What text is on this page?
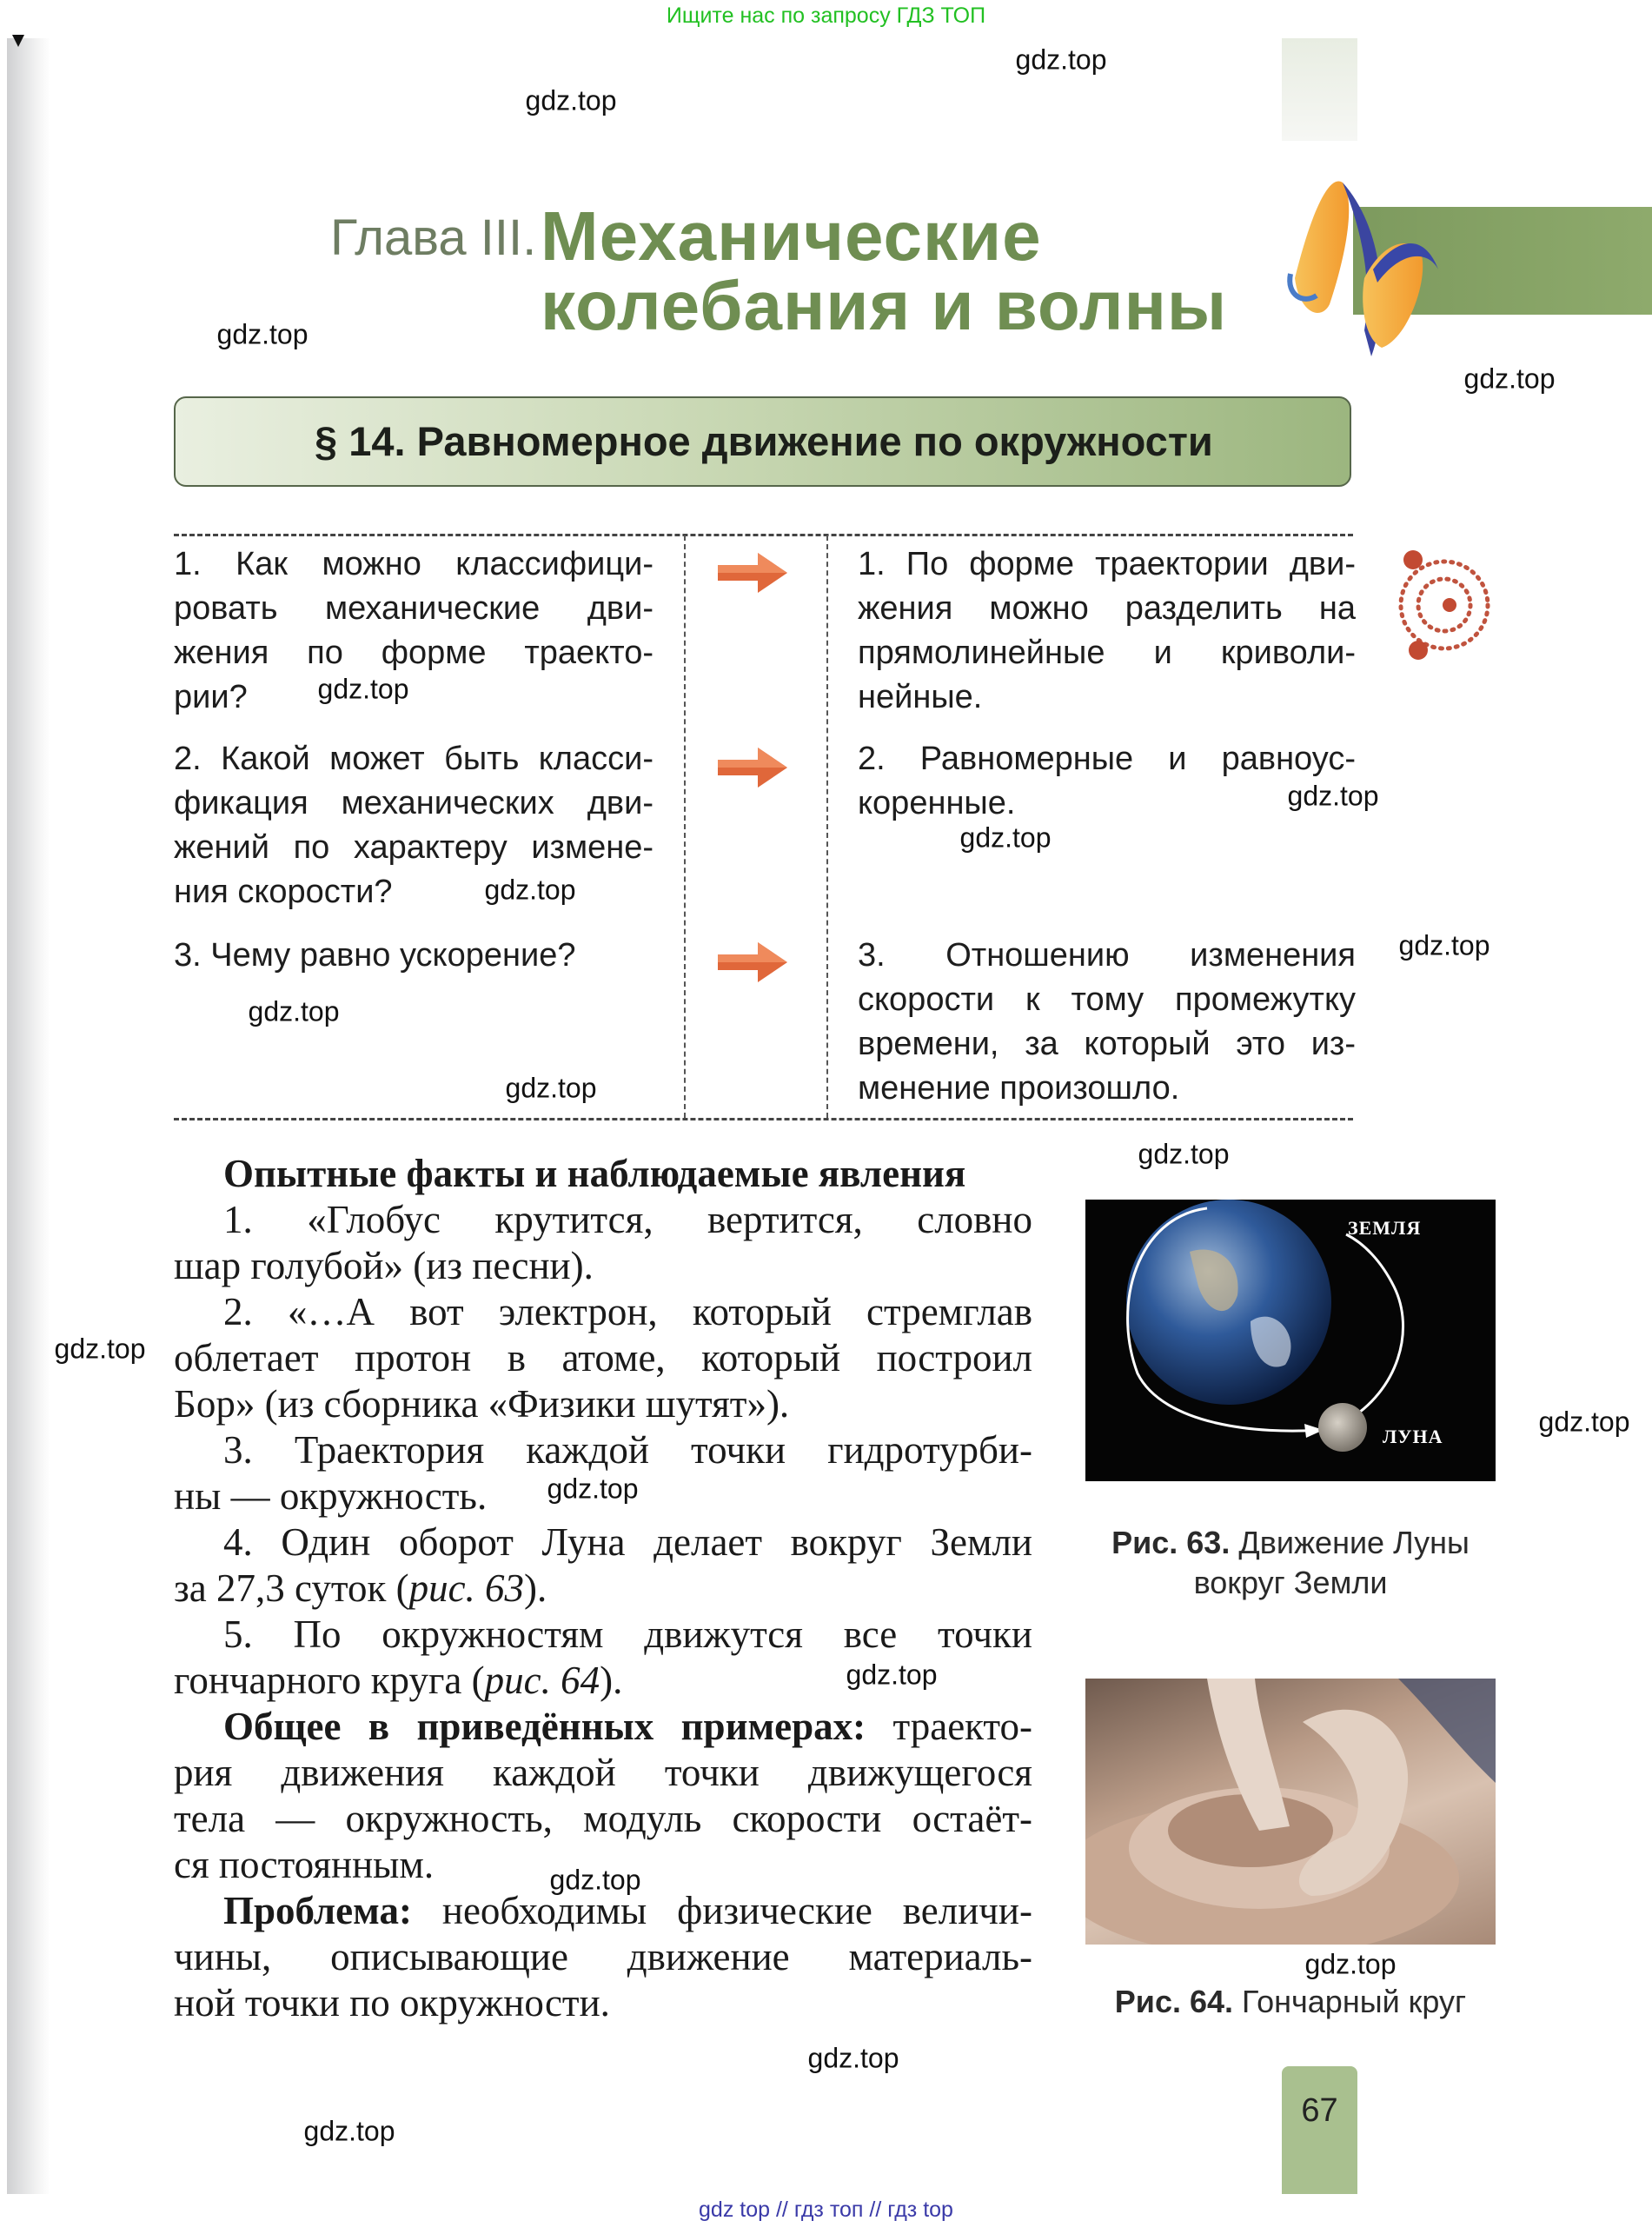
Ищите нас по запросу ГДЗ ТОП
Глава III. Механические
колебания и волны
§ 14. Равномерное движение по окружности
1. Как можно классифици-
ровать механические дви-
жения по форме траекто-
рии?
2. Какой может быть класси-
фикация механических дви-
жений по характеру измене-
ния скорости?
3. Чему равно ускорение?
1. По форме траектории дви-
жения можно разделить на
прямолинейные и криволи-
нейные.
2. Равномерные и равноус-
коренные.
3. Отношению изменения
скорости к тому промежутку
времени, за который это из-
менение произошло.
Опытные факты и наблюдаемые явления
1. «Глобус крутится, вертится, словно
шар голубой» (из песни).
2. «…А вот электрон, который стремглав
облетает протон в атоме, который построил
Бор» (из сборника «Физики шутят»).
3. Траектория каждой точки гидротурби-
ны — окружность.
4. Один оборот Луна делает вокруг Земли
за 27,3 суток (рис. 63).
5. По окружностям движутся все точки
гончарного круга (рис. 64).
Общее в приведённых примерах: траекто-
рия движения каждой точки движущегося
тела — окружность, модуль скорости остаёт-
ся постоянным.
Проблема: необходимы физические величи-
чины, описывающие движение материаль-
ной точки по окружности.
ЗЕМЛЯ
ЛУНА
Рис. 63. Движение Луны
вокруг Земли
Рис. 64. Гончарный круг
67
gdz.top
gdz.top
gdz.top
gdz.top
gdz.top
gdz.top
gdz.top
gdz.top
gdz.top
gdz.top
gdz.top
gdz.top
gdz.top
gdz.top
gdz.top
gdz.top
gdz.top
gdz.top
gdz.top
gdz.top
gdz top // гдз топ // гдз top
